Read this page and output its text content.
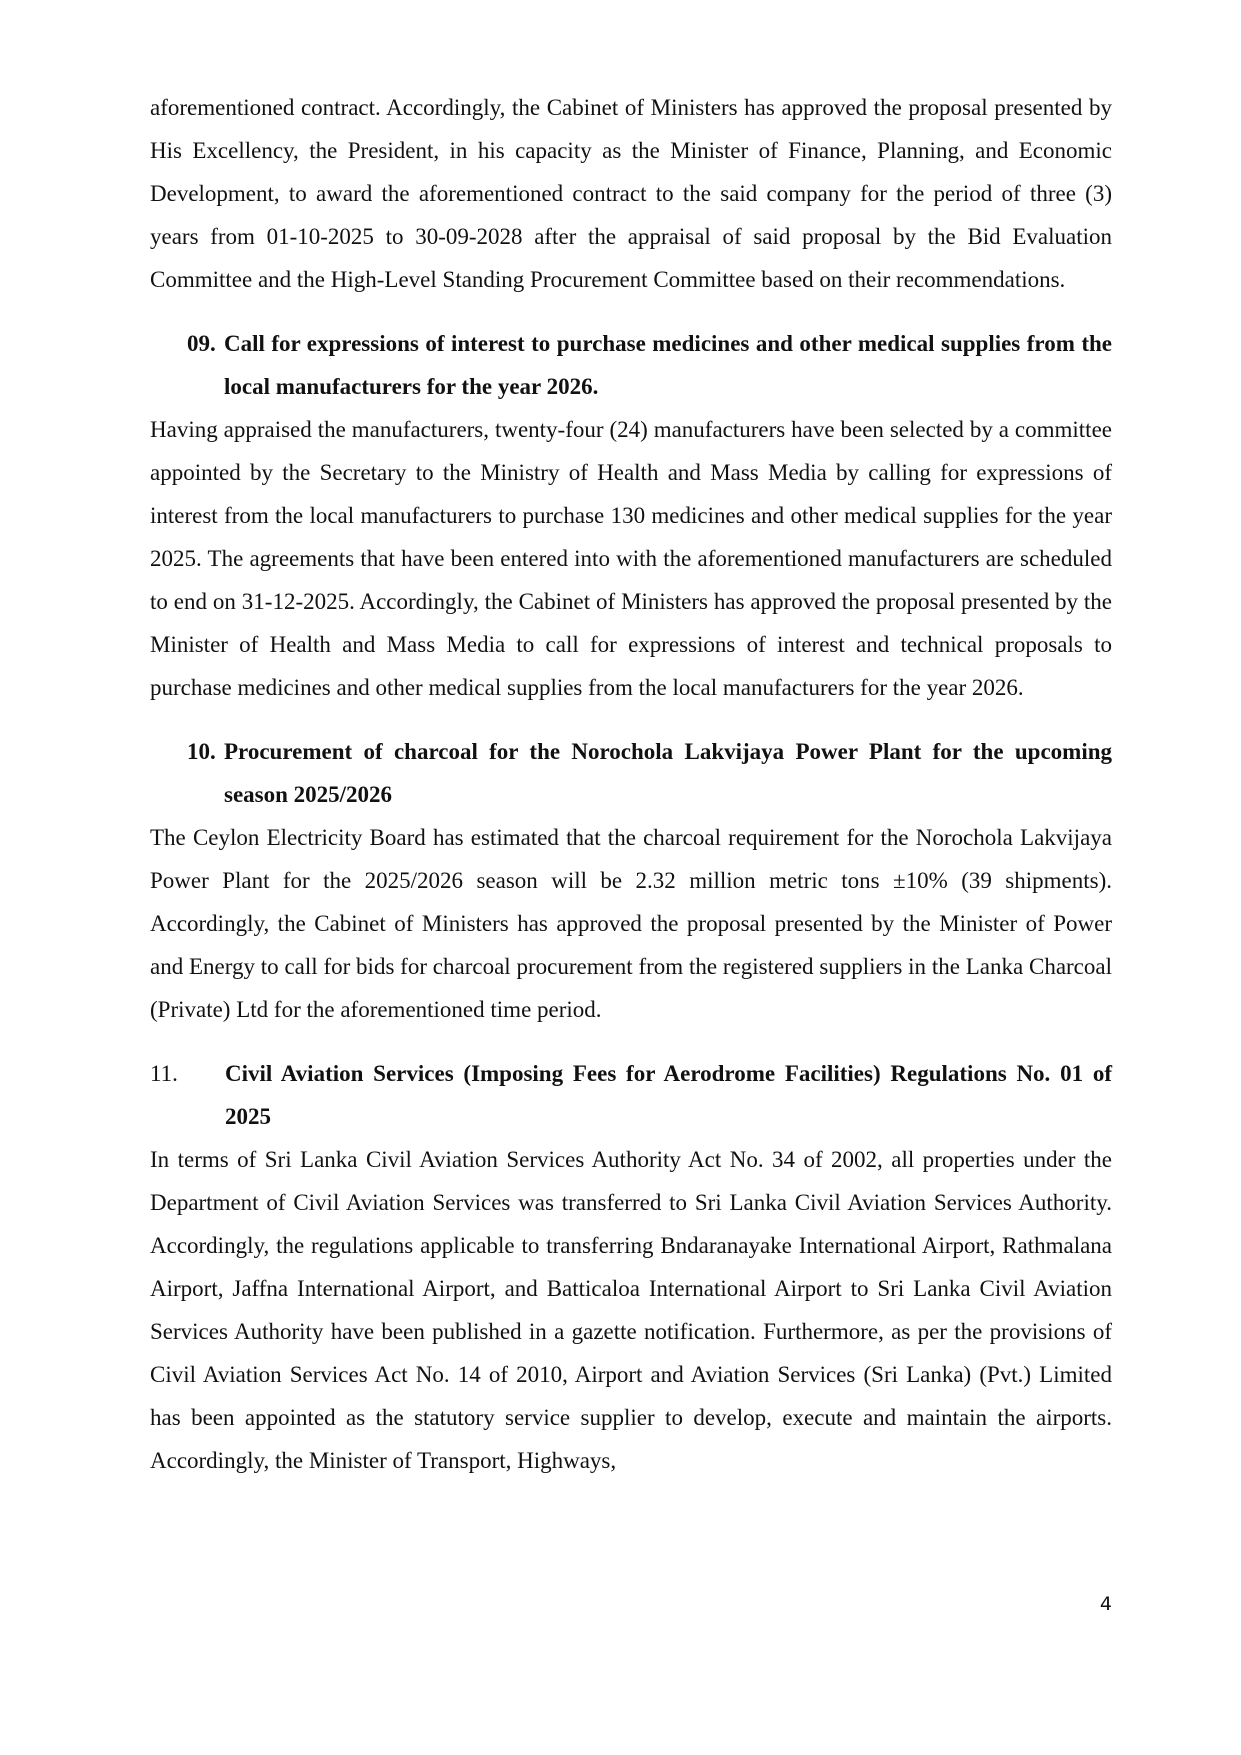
aforementioned contract. Accordingly, the Cabinet of Ministers has approved the proposal presented by His Excellency, the President, in his capacity as the Minister of Finance, Planning, and Economic Development, to award the aforementioned contract to the said company for the period of three (3) years from 01-10-2025 to 30-09-2028 after the appraisal of said proposal by the Bid Evaluation Committee and the High-Level Standing Procurement Committee based on their recommendations.

09. Call for expressions of interest to purchase medicines and other medical supplies from the local manufacturers for the year 2026.

Having appraised the manufacturers, twenty-four (24) manufacturers have been selected by a committee appointed by the Secretary to the Ministry of Health and Mass Media by calling for expressions of interest from the local manufacturers to purchase 130 medicines and other medical supplies for the year 2025. The agreements that have been entered into with the aforementioned manufacturers are scheduled to end on 31-12-2025. Accordingly, the Cabinet of Ministers has approved the proposal presented by the Minister of Health and Mass Media to call for expressions of interest and technical proposals to purchase medicines and other medical supplies from the local manufacturers for the year 2026.

10. Procurement of charcoal for the Norochola Lakvijaya Power Plant for the upcoming season 2025/2026

The Ceylon Electricity Board has estimated that the charcoal requirement for the Norochola Lakvijaya Power Plant for the 2025/2026 season will be 2.32 million metric tons ±10% (39 shipments). Accordingly, the Cabinet of Ministers has approved the proposal presented by the Minister of Power and Energy to call for bids for charcoal procurement from the registered suppliers in the Lanka Charcoal (Private) Ltd for the aforementioned time period.

11.	Civil Aviation Services (Imposing Fees for Aerodrome Facilities) Regulations No. 01 of 2025

In terms of Sri Lanka Civil Aviation Services Authority Act No. 34 of 2002, all properties under the Department of Civil Aviation Services was transferred to Sri Lanka Civil Aviation Services Authority. Accordingly, the regulations applicable to transferring Bndaranayake International Airport, Rathmalana Airport, Jaffna International Airport, and Batticaloa International Airport to Sri Lanka Civil Aviation Services Authority have been published in a gazette notification. Furthermore, as per the provisions of Civil Aviation Services Act No. 14 of 2010, Airport and Aviation Services (Sri Lanka) (Pvt.) Limited has been appointed as the statutory service supplier to develop, execute and maintain the airports. Accordingly, the Minister of Transport, Highways,

4
